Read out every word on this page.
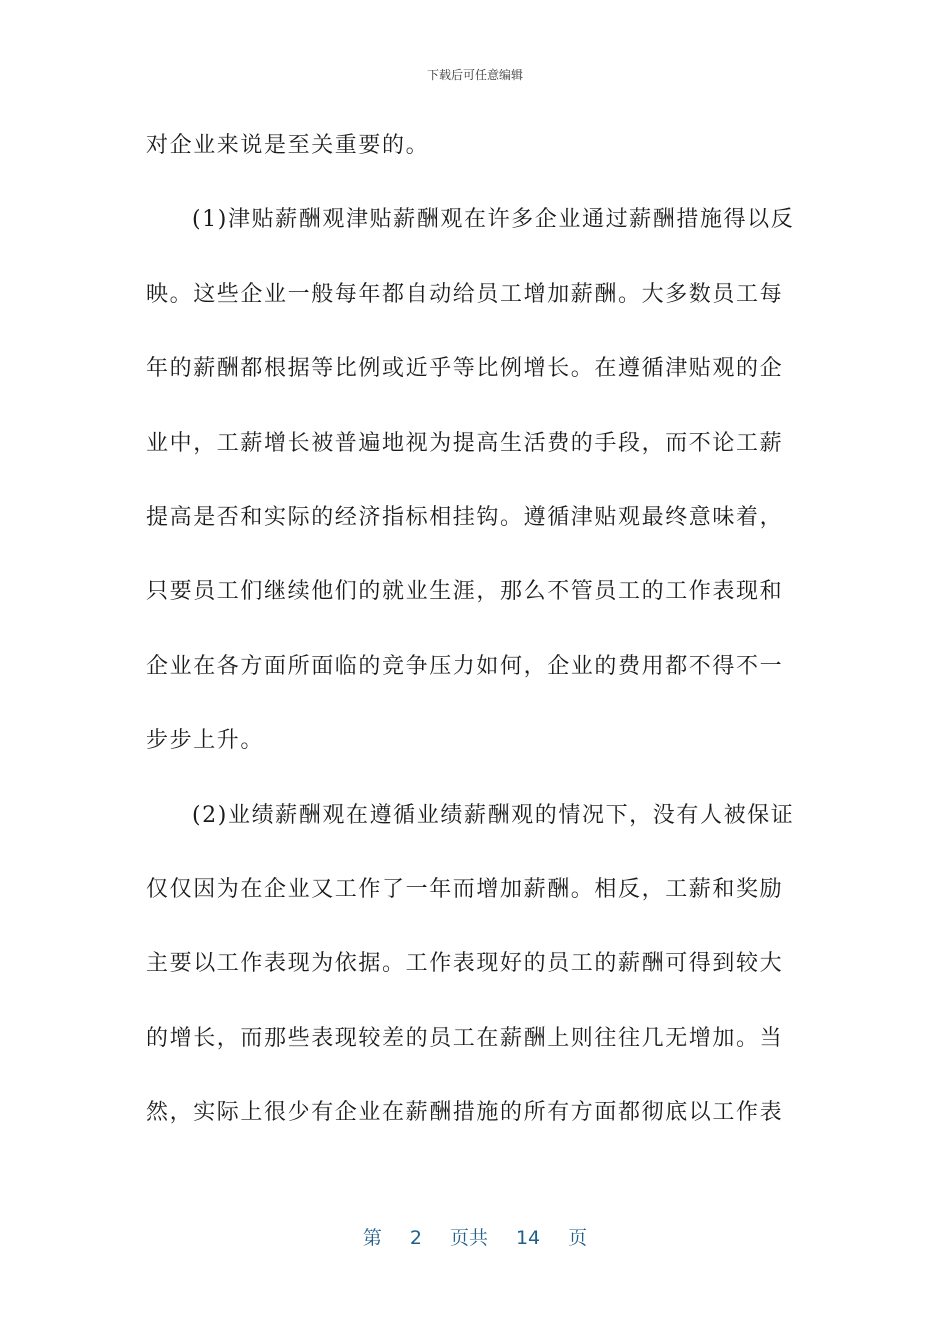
下载后可任意编辑
对企业来说是至关重要的。
(1)津贴薪酬观津贴薪酬观在许多企业通过薪酬措施得以反
映。这些企业一般每年都自动给员工增加薪酬。大多数员工每
年的薪酬都根据等比例或近乎等比例增长。在遵循津贴观的企
业中，工薪增长被普遍地视为提高生活费的手段，而不论工薪
提高是否和实际的经济指标相挂钩。遵循津贴观最终意味着，
只要员工们继续他们的就业生涯，那么不管员工的工作表现和
企业在各方面所面临的竞争压力如何，企业的费用都不得不一
步步上升。
(2)业绩薪酬观在遵循业绩薪酬观的情况下，没有人被保证
仅仅因为在企业又工作了一年而增加薪酬。相反，工薪和奖励
主要以工作表现为依据。工作表现好的员工的薪酬可得到较大
的增长，而那些表现较差的员工在薪酬上则往往几无增加。当
然，实际上很少有企业在薪酬措施的所有方面都彻底以工作表
第 2 页共 14 页
